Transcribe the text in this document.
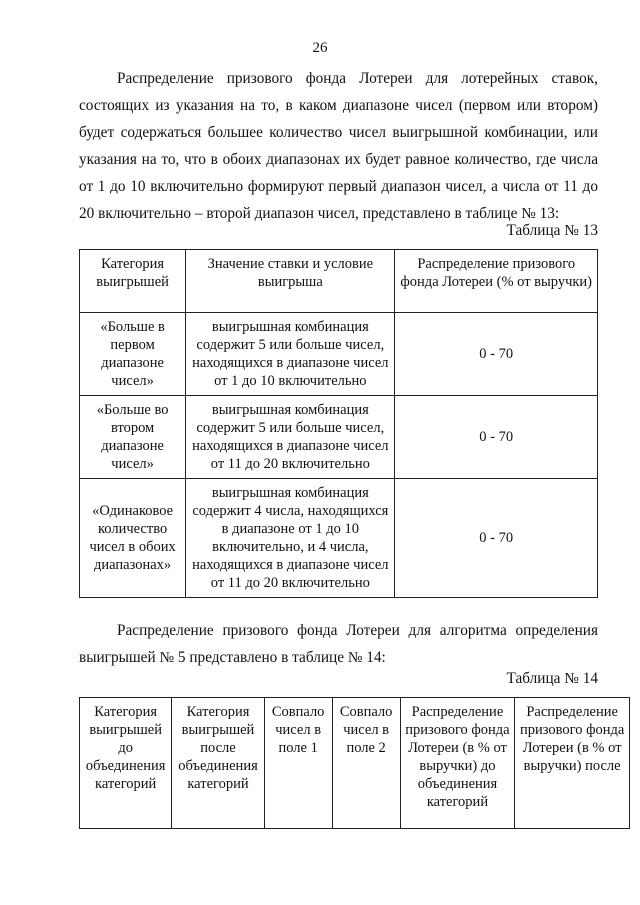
26

Распределение призового фонда Лотереи для лотерейных ставок, состоящих из указания на то, в каком диапазоне чисел (первом или втором) будет содержаться большее количество чисел выигрышной комбинации, или указания на то, что в обоих диапазонах их будет равное количество, где числа от 1 до 10 включительно формируют первый диапазон чисел, а числа от 11 до 20 включительно – второй диапазон чисел, представлено в таблице № 13:

Таблица № 13
Категория выигрышей	Значение ставки и условие выигрыша	Распределение призового фонда Лотереи (% от выручки)
«Больше в первом диапазоне чисел»	выигрышная комбинация содержит 5 или больше чисел, находящихся в диапазоне чисел от 1 до 10 включительно	0 - 70
«Больше во втором диапазоне чисел»	выигрышная комбинация содержит 5 или больше чисел, находящихся в диапазоне чисел от 11 до 20 включительно	0 - 70
«Одинаковое количество чисел в обоих диапазонах»	выигрышная комбинация содержит 4 числа, находящихся в диапазоне от 1 до 10 включительно, и 4 числа, находящихся в диапазоне чисел от 11 до 20 включительно	0 - 70

Распределение призового фонда Лотереи для алгоритма определения выигрышей № 5 представлено в таблице № 14:

Таблица № 14
Категория выигрышей до объединения категорий	Категория выигрышей после объединения категорий	Совпало чисел в поле 1	Совпало чисел в поле 2	Распределение призового фонда Лотереи (в % от выручки) до объединения категорий	Распределение призового фонда Лотереи (в % от выручки) после
